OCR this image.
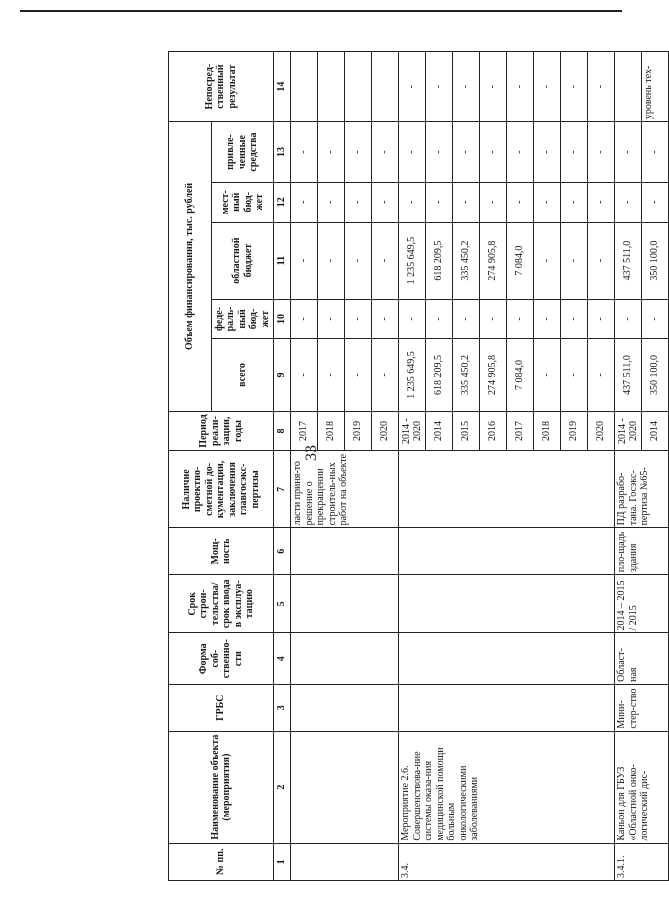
33
№ пп.	Наименование объекта (мероприятия)	ГРБС	Форма соб-ственно-сти	Срок строи-тельства/срок ввода в эксплуа-тацию	Мощ-ность	Наличие проектно-сметной до-кументации, заключения главгосэкс-пертизы	Период реали-зации, годы	Объем финансирования, тыс. рублей					Непосред-ственный результат
								всего	феде-раль-ный бюд-жет	областной бюджет	мест-ный бюд-жет	привле-ченные средства	
1	2	3	4	5	6	7	8	9	10	11	12	13	14
						ласти приня-то решение о прекращении строитель-ных работ на объекте	2017	-	-	-	-	-	
							2018	-	-	-	-	-	
							2019	-	-	-	-	-	
							2020	-	-	-	-	-	
3.4.	Мероприятие 2.6. Совершенствова-ние системы оказа-ния медицинской помощи больным онкологическими заболеваниями						2014 - 2020	1 235 649,5	-	1 235 649,5	-	-	-
							2014	618 209,5	-	618 209,5	-	-	-
							2015	335 450,2	-	335 450,2	-	-	-
							2016	274 905,8	-	274 905,8	-	-	-
							2017	7 084,0	-	7 084,0	-	-	-
							2018	-	-	-	-	-	-
							2019	-	-	-	-	-	-
							2020	-	-	-	-	-	-
3.4.1.	Каньон для ГБУЗ «Областной онко-логический дис-	Мини-стер-ство	Област-ная	2014 – 2015 / 2015	пло-щадь здания	ПД разрабо-тана. Госэкс-пертиза №65-	2014 - 2020	437 511,0	-	437 511,0	-	-	
							2014	350 100,0	-	350 100,0	-	-	уровень тех-
